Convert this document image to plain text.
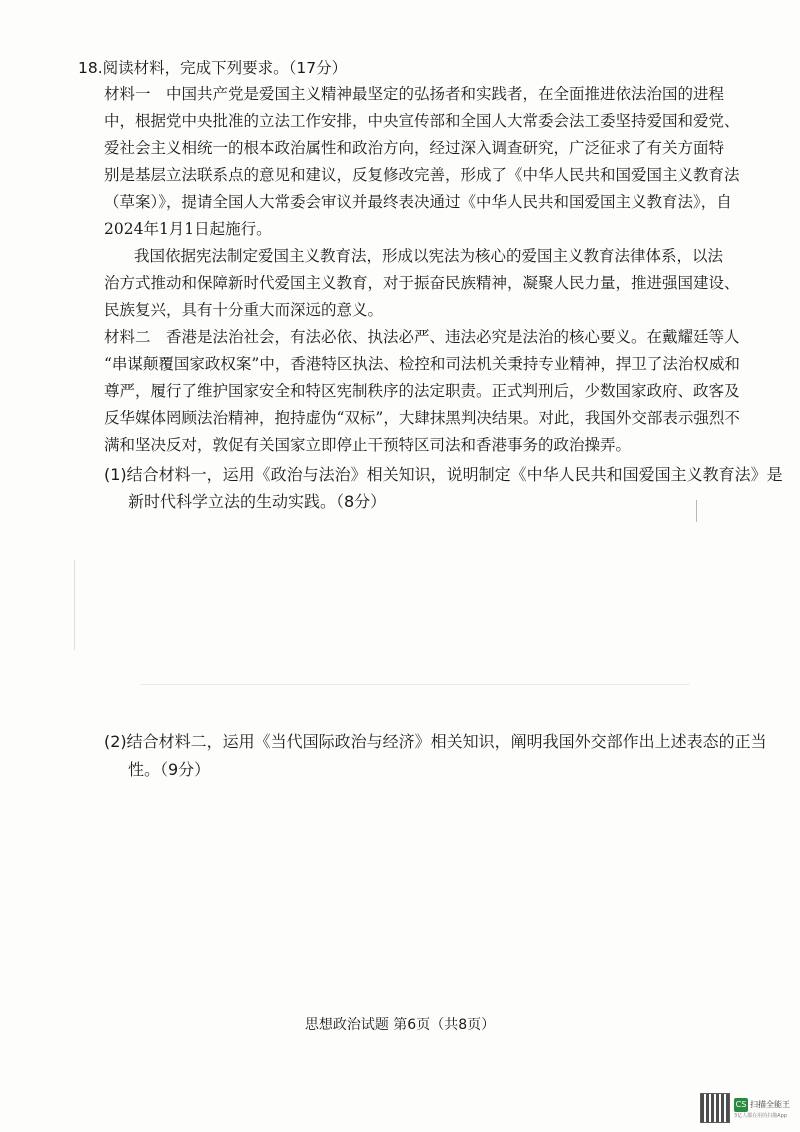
18.阅读材料，完成下列要求。（17分）
材料一　中国共产党是爱国主义精神最坚定的弘扬者和实践者，在全面推进依法治国的进程
中，根据党中央批准的立法工作安排，中央宣传部和全国人大常委会法工委坚持爱国和爱党、
爱社会主义相统一的根本政治属性和政治方向，经过深入调查研究，广泛征求了有关方面特
别是基层立法联系点的意见和建议，反复修改完善，形成了《中华人民共和国爱国主义教育法
（草案）》，提请全国人大常委会审议并最终表决通过《中华人民共和国爱国主义教育法》，自
2024年1月1日起施行。
我国依据宪法制定爱国主义教育法，形成以宪法为核心的爱国主义教育法律体系，以法
治方式推动和保障新时代爱国主义教育，对于振奋民族精神，凝聚人民力量，推进强国建设、
民族复兴，具有十分重大而深远的意义。
材料二　香港是法治社会，有法必依、执法必严、违法必究是法治的核心要义。在戴耀廷等人
“串谋颠覆国家政权案”中，香港特区执法、检控和司法机关秉持专业精神，捍卫了法治权威和
尊严，履行了维护国家安全和特区宪制秩序的法定职责。正式判刑后，少数国家政府、政客及
反华媒体罔顾法治精神，抱持虚伪“双标”，大肆抹黑判决结果。对此，我国外交部表示强烈不
满和坚决反对，敦促有关国家立即停止干预特区司法和香港事务的政治操弄。
(1)结合材料一，运用《政治与法治》相关知识，说明制定《中华人民共和国爱国主义教育法》是
新时代科学立法的生动实践。（8分）
(2)结合材料二，运用《当代国际政治与经济》相关知识，阐明我国外交部作出上述表态的正当
性。（9分）
思想政治试题 第6页（共8页）
CS 扫描全能王
3亿人都在用的扫描App
